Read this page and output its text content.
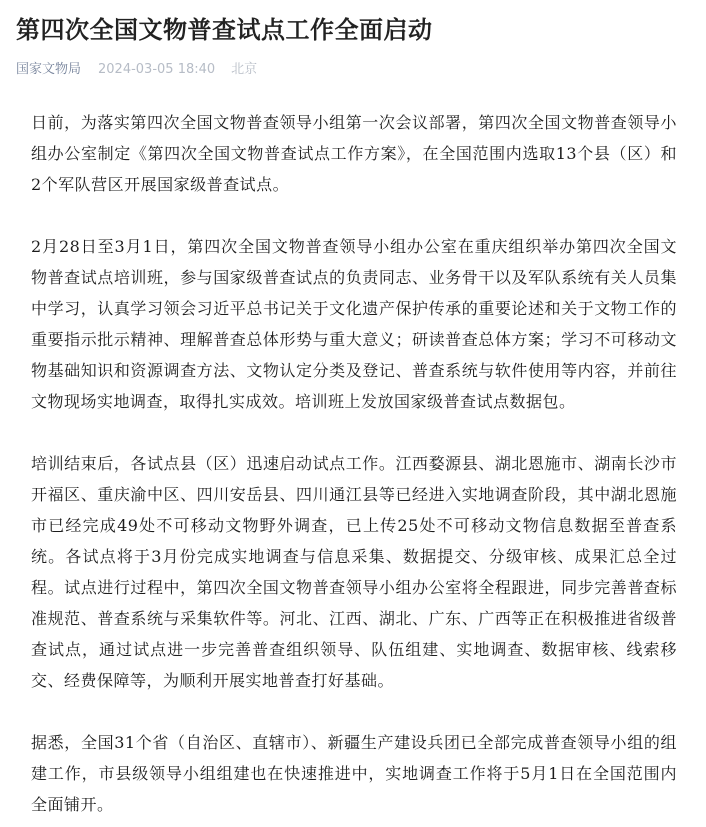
第四次全国文物普查试点工作全面启动
国家文物局 2024-03-05 18:40 北京

日前，为落实第四次全国文物普查领导小组第一次会议部署，第四次全国文物普查领导小组办公室制定《第四次全国文物普查试点工作方案》，在全国范围内选取13个县（区）和2个军队营区开展国家级普查试点。

2月28日至3月1日，第四次全国文物普查领导小组办公室在重庆组织举办第四次全国文物普查试点培训班，参与国家级普查试点的负责同志、业务骨干以及军队系统有关人员集中学习，认真学习领会习近平总书记关于文化遗产保护传承的重要论述和关于文物工作的重要指示批示精神、理解普查总体形势与重大意义；研读普查总体方案；学习不可移动文物基础知识和资源调查方法、文物认定分类及登记、普查系统与软件使用等内容，并前往文物现场实地调查，取得扎实成效。培训班上发放国家级普查试点数据包。

培训结束后，各试点县（区）迅速启动试点工作。江西婺源县、湖北恩施市、湖南长沙市开福区、重庆渝中区、四川安岳县、四川通江县等已经进入实地调查阶段，其中湖北恩施市已经完成49处不可移动文物野外调查，已上传25处不可移动文物信息数据至普查系统。各试点将于3月份完成实地调查与信息采集、数据提交、分级审核、成果汇总全过程。试点进行过程中，第四次全国文物普查领导小组办公室将全程跟进，同步完善普查标准规范、普查系统与采集软件等。河北、江西、湖北、广东、广西等正在积极推进省级普查试点，通过试点进一步完善普查组织领导、队伍组建、实地调查、数据审核、线索移交、经费保障等，为顺利开展实地普查打好基础。

据悉，全国31个省（自治区、直辖市）、新疆生产建设兵团已全部完成普查领导小组的组建工作，市县级领导小组组建也在快速推进中，实地调查工作将于5月1日在全国范围内全面铺开。
